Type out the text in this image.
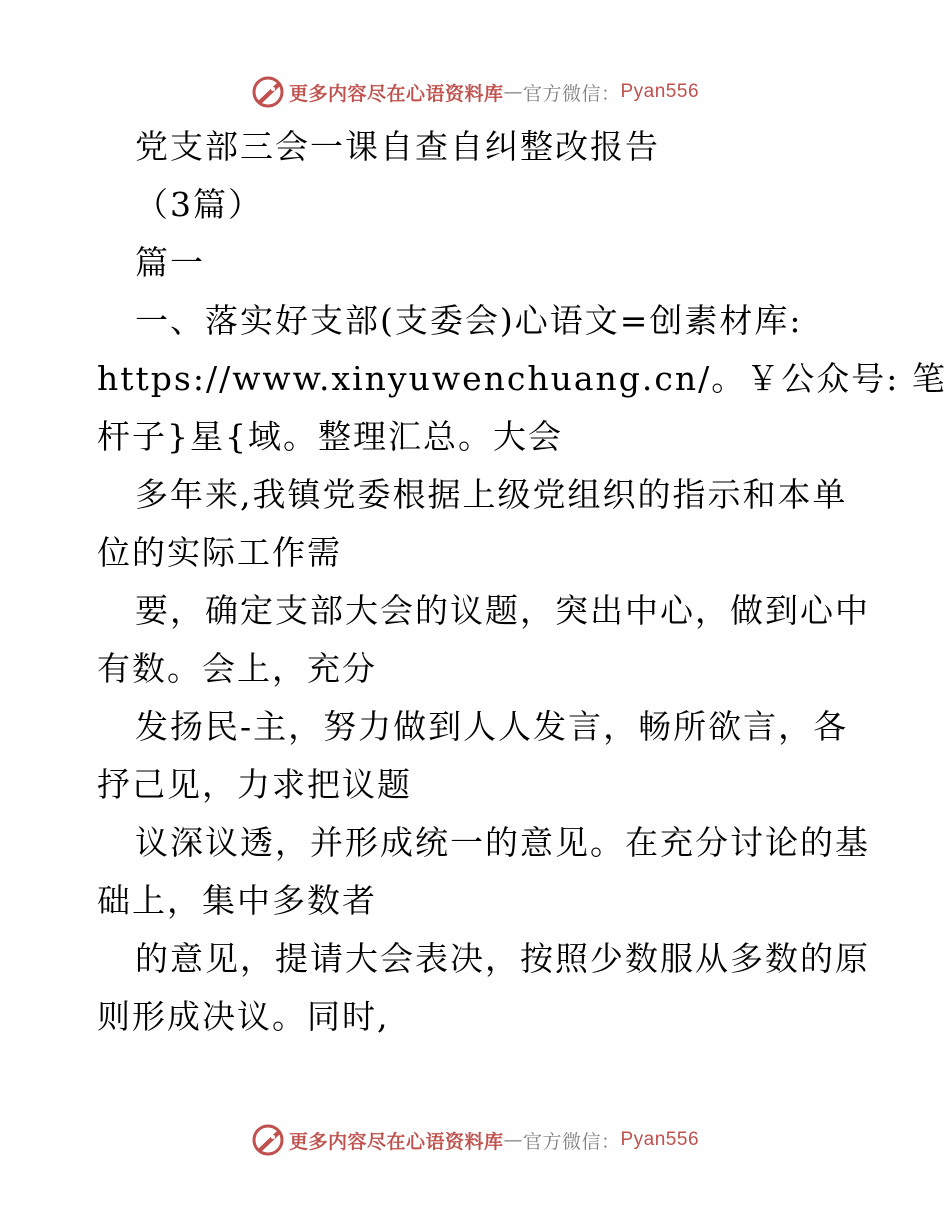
更多内容尽在心语资料库 — 官方微信： Pyan556
党支部三会一课自查自纠整改报告
（3篇）
篇一
一、落实好支部(支委会)心语文=创素材库:
https://www.xinyuwenchuang.cn/。￥公众号: 笔
杆子}星{域。整理汇总。大会
多年来,我镇党委根据上级党组织的指示和本单
位的实际工作需
要，确定支部大会的议题，突出中心，做到心中
有数。会上，充分
发扬民-主，努力做到人人发言，畅所欲言，各
抒己见，力求把议题
议深议透，并形成统一的意见。在充分讨论的基
础上，集中多数者
的意见，提请大会表决，按照少数服从多数的原
则形成决议。同时,
更多内容尽在心语资料库 — 官方微信： Pyan556
